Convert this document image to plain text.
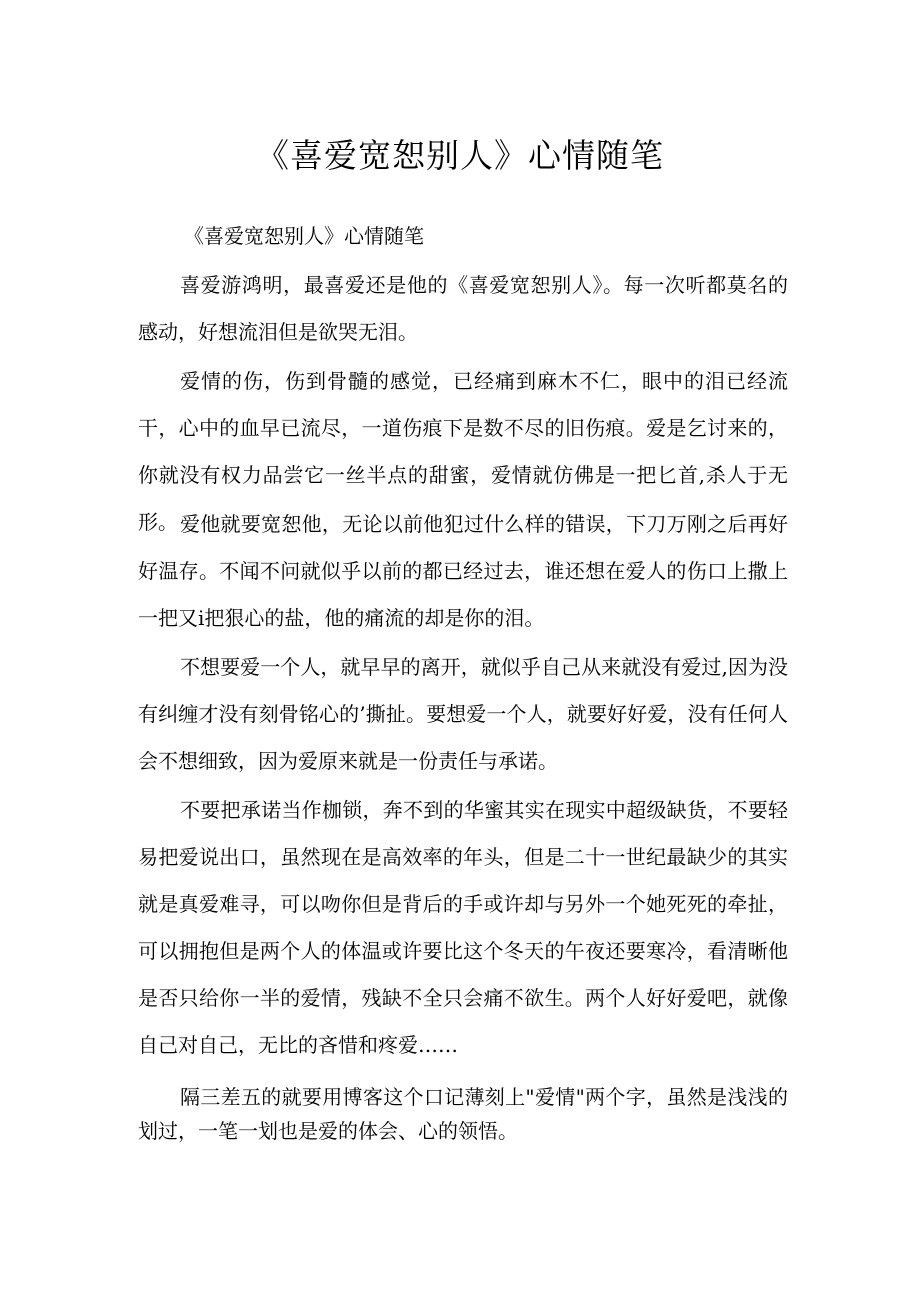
《喜爱宽恕别人》心情随笔
《喜爱宽恕别人》心情随笔

喜爱游鸿明，最喜爱还是他的《喜爱宽恕别人》。每一次听都莫名的感动，好想流泪但是欲哭无泪。

爱情的伤，伤到骨髓的感觉，已经痛到麻木不仁，眼中的泪已经流干，心中的血早已流尽，一道伤痕下是数不尽的旧伤痕。爱是乞讨来的，你就没有权力品尝它一丝半点的甜蜜，爱情就仿佛是一把匕首,杀人于无形。 爱他就要宽恕他，无论以前他犯过什么样的错误，下刀万刚之后再好好温存。不闻不问就似乎以前的都已经过去，谁还想在爱人的伤口上撒上一把又i把狠心的盐，他的痛流的却是你的泪。

不想要爱一个人，就早早的离开，就似乎自己从来就没有爱过,因为没有纠缠才没有刻骨铭心的’撕扯。要想爱一个人，就要好好爱，没有任何人会不想细致，因为爱原来就是一份责任与承诺。

不要把承诺当作枷锁，奔不到的华蜜其实在现实中超级缺货，不要轻易把爱说出口，虽然现在是高效率的年头，但是二十一世纪最缺少的其实就是真爱难寻，可以吻你但是背后的手或许却与另外一个她死死的牵扯，可以拥抱但是两个人的体温或许要比这个冬天的午夜还要寒冷，看清晰他是否只给你一半的爱情，残缺不全只会痛不欲生。两个人好好爱吧，就像自己对自己，无比的吝惜和疼爱……

隔三差五的就要用博客这个口记薄刻上"爱情"两个字，虽然是浅浅的划过，一笔一划也是爱的体会、心的领悟。
